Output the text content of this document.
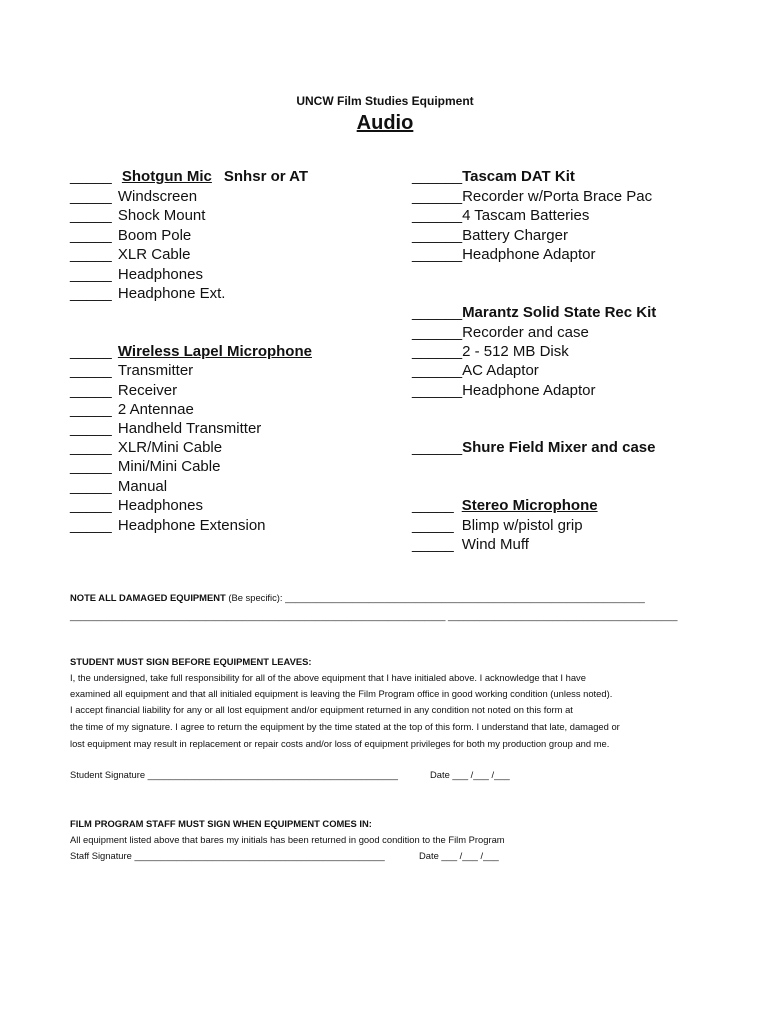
UNCW Film Studies Equipment
Audio
_____ Shotgun Mic Snhsr or AT
_____ Windscreen
_____ Shock Mount
_____ Boom Pole
_____ XLR Cable
_____ Headphones
_____ Headphone Ext.
_____ Wireless Lapel Microphone
_____ Transmitter
_____ Receiver
_____ 2 Antennae
_____ Handheld Transmitter
_____ XLR/Mini Cable
_____ Mini/Mini Cable
_____ Manual
_____ Headphones
_____ Headphone Extension
______Tascam DAT Kit
______Recorder w/Porta Brace Pac
______4 Tascam Batteries
______Battery Charger
______Headphone Adaptor
______Marantz Solid State Rec Kit
______Recorder and case
______2 - 512 MB Disk
______AC Adaptor
______Headphone Adaptor
______Shure Field Mixer and case
_____ Stereo Microphone
_____ Blimp w/pistol grip
_____ Wind Muff
NOTE ALL DAMAGED EQUIPMENT (Be specific): _____________________________________________________________________
________________________________________________________________________ ____________________________________________
STUDENT MUST SIGN BEFORE EQUIPMENT LEAVES:
I, the undersigned, take full responsibility for all of the above equipment that I have initialed above. I acknowledge that I have
examined all equipment and that all initialed equipment is leaving the Film Program office in good working condition (unless noted).
I accept financial liability for any or all lost equipment and/or equipment returned in any condition not noted on this form at
the time of my signature. I agree to return the equipment by the time stated at the top of this form. I understand that late, damaged or
lost equipment may result in replacement or repair costs and/or loss of equipment privileges for both my production group and me.
Student Signature ________________________________________________	Date ___ /___ /___
FILM PROGRAM STAFF MUST SIGN WHEN EQUIPMENT COMES IN:
All equipment listed above that bares my initials has been returned in good condition to the Film Program
Staff Signature ________________________________________________	Date ___ /___ /___
